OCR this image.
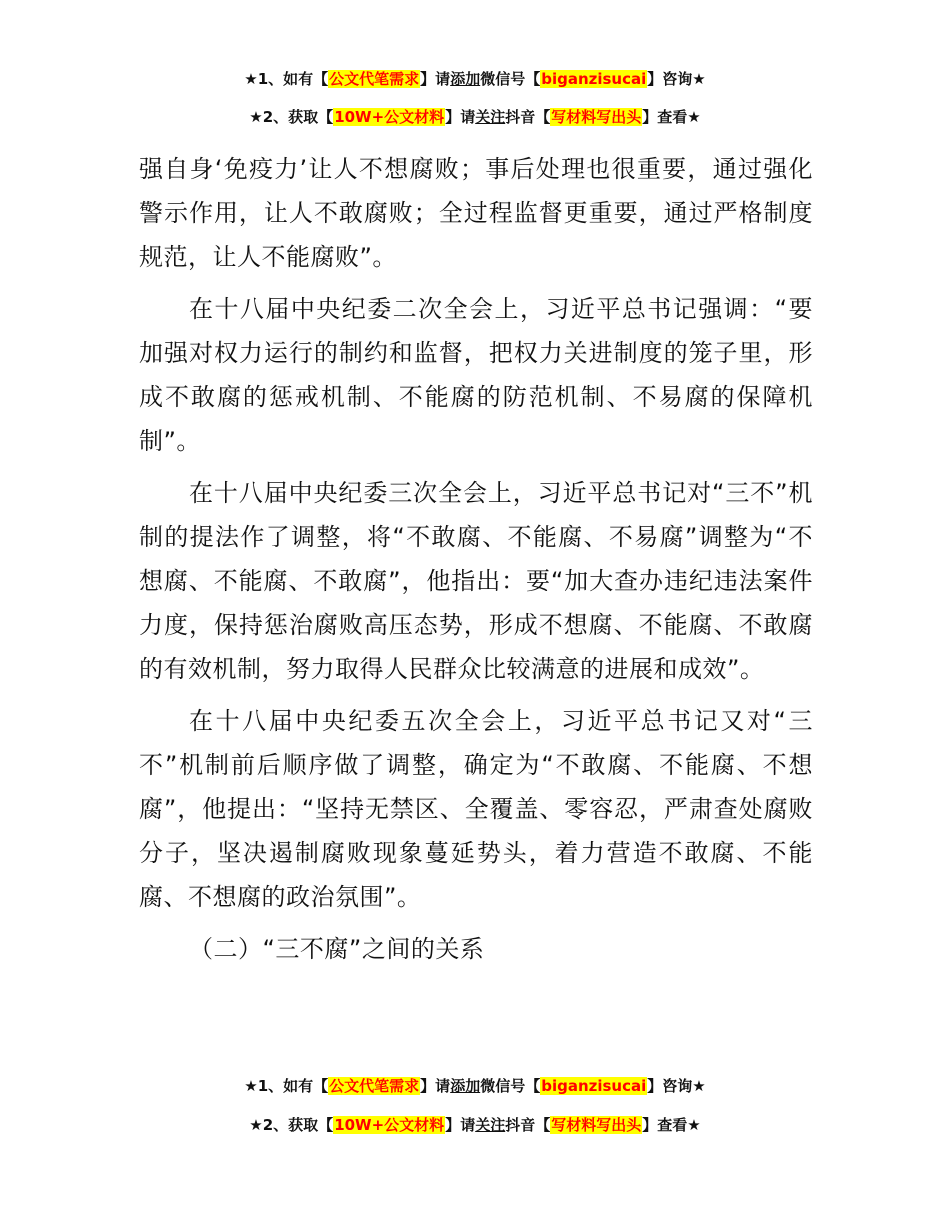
★1、如有【公文代笔需求】请添加微信号【biganzisucai】咨询★
★2、获取【10W+公文材料】请关注抖音【写材料写出头】查看★

强自身‘免疫力’让人不想腐败；事后处理也很重要，通过强化警示作用，让人不敢腐败；全过程监督更重要，通过严格制度规范，让人不能腐败”。

在十八届中央纪委二次全会上，习近平总书记强调：“要加强对权力运行的制约和监督，把权力关进制度的笼子里，形成不敢腐的惩戒机制、不能腐的防范机制、不易腐的保障机制”。

在十八届中央纪委三次全会上，习近平总书记对“三不”机制的提法作了调整，将“不敢腐、不能腐、不易腐”调整为“不想腐、不能腐、不敢腐”，他指出：要“加大查办违纪违法案件力度，保持惩治腐败高压态势，形成不想腐、不能腐、不敢腐的有效机制，努力取得人民群众比较满意的进展和成效”。

在十八届中央纪委五次全会上，习近平总书记又对“三不”机制前后顺序做了调整，确定为“不敢腐、不能腐、不想腐”，他提出：“坚持无禁区、全覆盖、零容忍，严肃查处腐败分子，坚决遏制腐败现象蔓延势头，着力营造不敢腐、不能腐、不想腐的政治氛围”。

（二）“三不腐”之间的关系

★1、如有【公文代笔需求】请添加微信号【biganzisucai】咨询★
★2、获取【10W+公文材料】请关注抖音【写材料写出头】查看★
